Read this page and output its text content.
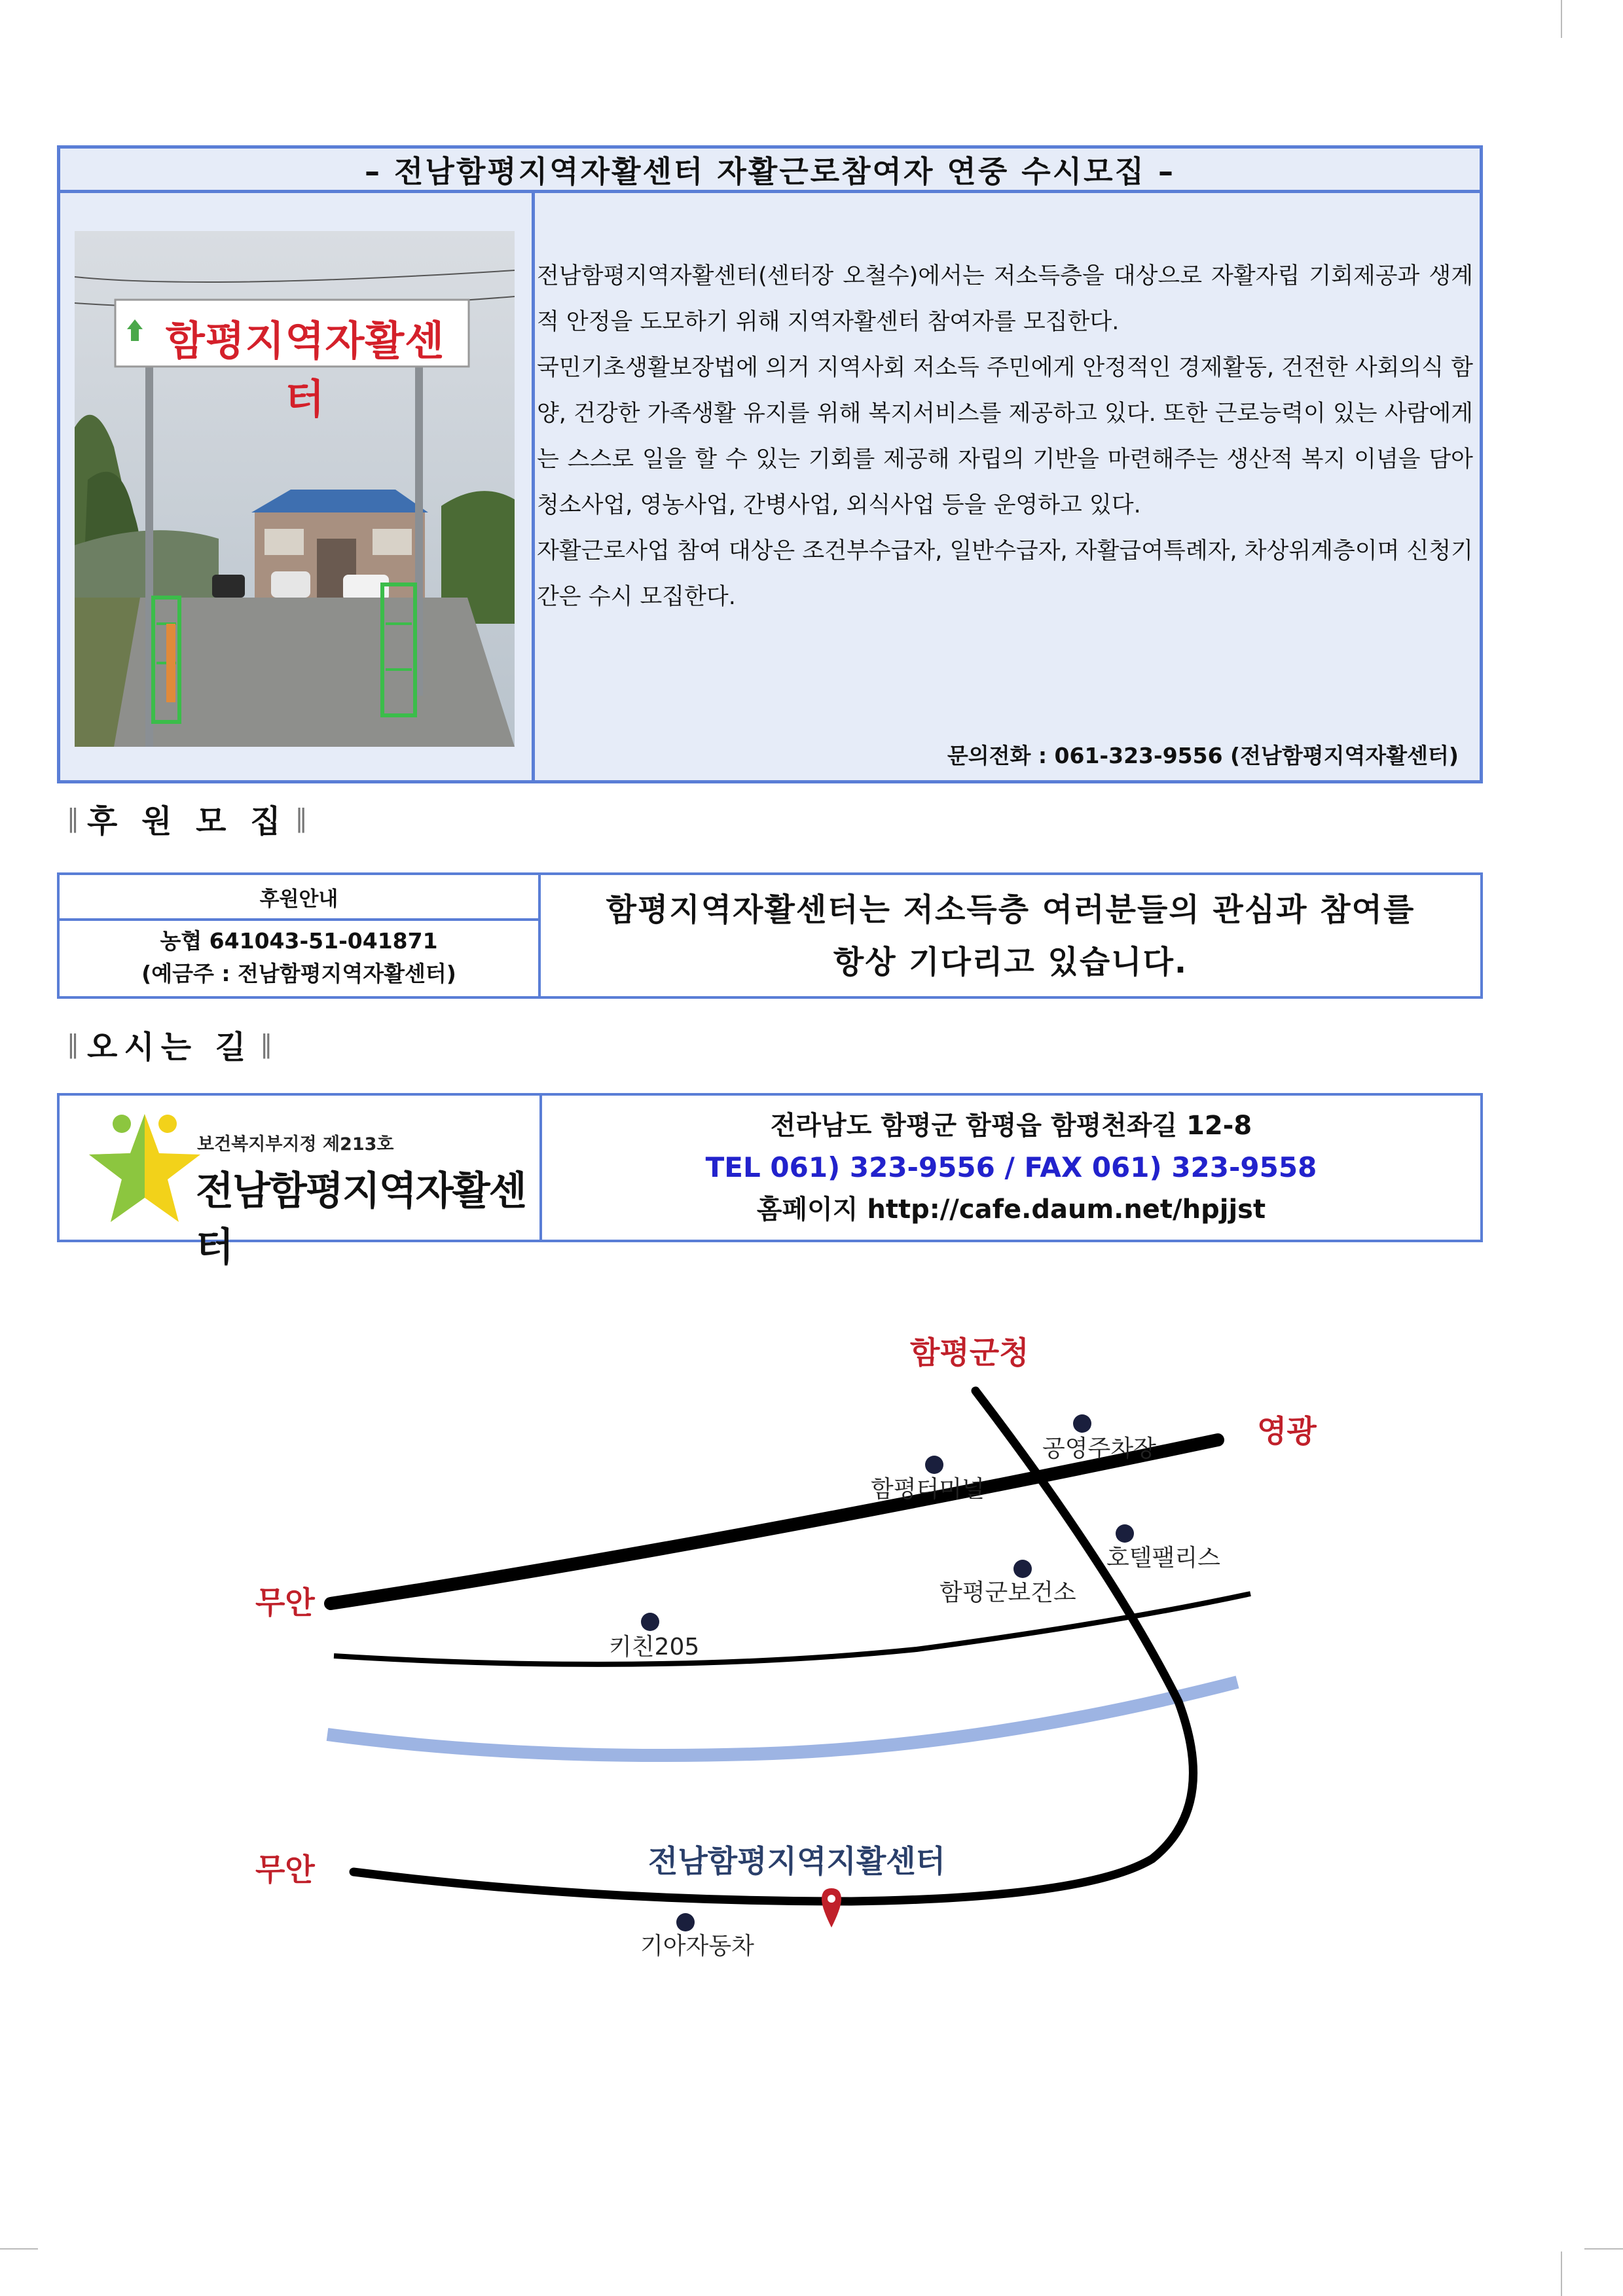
– 전남함평지역자활센터 자활근로참여자 연중 수시모집 –
함평지역자활센터

전남함평지역자활센터(센터장 오철수)에서는 저소득층을 대상으로 자활자립 기회제공과 생계적 안정을 도모하기 위해 지역자활센터 참여자를 모집한다.

국민기초생활보장법에 의거 지역사회 저소득 주민에게 안정적인 경제활동, 건전한 사회의식 함양, 건강한 가족생활 유지를 위해 복지서비스를 제공하고 있다. 또한 근로능력이 있는 사람에게는 스스로 일을 할 수 있는 기회를 제공해 자립의 기반을 마련해주는 생산적 복지 이념을 담아 청소사업, 영농사업, 간병사업, 외식사업 등을 운영하고 있다.

자활근로사업 참여 대상은 조건부수급자, 일반수급자, 자활급여특례자, 차상위계층이며 신청기간은 수시 모집한다.

문의전화 : 061-323-9556 (전남함평지역자활센터)
‖ 후 원 모 집 ‖
후원안내
농협 641043-51-041871
(예금주 : 전남함평지역자활센터)
함평지역자활센터는 저소득층 여러분들의 관심과 참여를
항상 기다리고 있습니다.
‖ 오시는 길 ‖
보건복지부지정 제213호
전남함평지역자활센터
전라남도 함평군 함평읍 함평천좌길 12-8
TEL 061) 323-9556 / FAX 061) 323-9558
홈페이지 http://cafe.daum.net/hpjjst
함평군청
영광
무안
무안	전남함평지역지활센터
공영주차장
함평터미널
호텔팰리스
함평군보건소
키친205
기아자동차
